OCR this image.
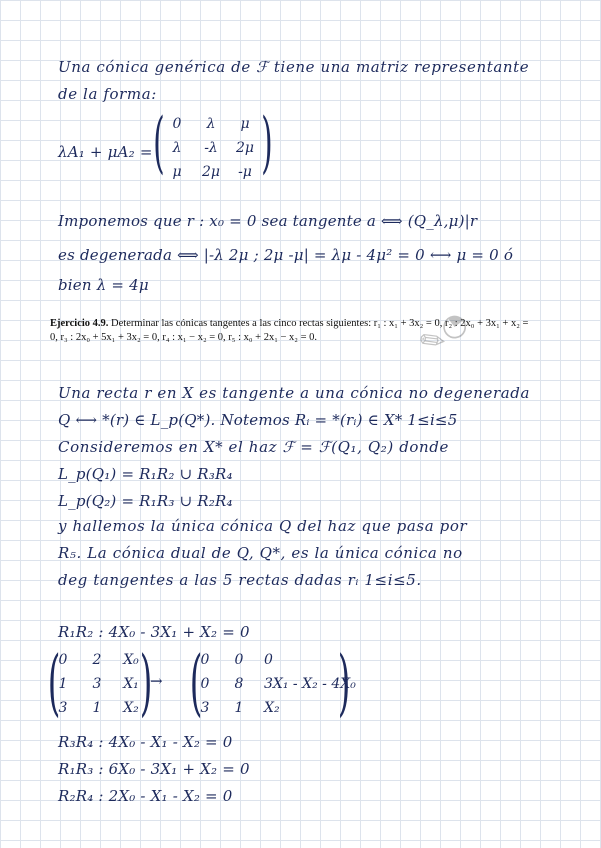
Una cónica genérica de ℱ tiene una matriz representante
de la forma:
λA₁ + μA₂ = ( 0 λ μ
λ -λ 2μ
μ 2μ -μ )
Imponemos que r : x₀ = 0 sea tangente a ⟺ (Q_λ,μ)|r
es degenerada ⟺ |-λ 2μ ; 2μ -μ| = λμ - 4μ² = 0 ⟷ μ = 0 ó
bien λ = 4μ
Ejercicio 4.9. Determinar las cónicas tangentes a las cinco rectas siguientes: r₁ : x₁ + 3x₂ = 0, r₂ : 2x₀ + 3x₁ + x₂ =
0, r₃ : 2x₀ + 5x₁ + 3x₂ = 0, r₄ : x₁ − x₂ = 0, r₅ : x₀ + 2x₁ − x₂ = 0.	✎◔
Una recta r en X es tangente a una cónica no degenerada
Q ⟷ *(r) ∈ L_p(Q*). Notemos Rᵢ = *(rᵢ) ∈ X* 1≤i≤5
Consideremos en X* el haz ℱ = ℱ(Q₁, Q₂) donde
L_p(Q₁) = R₁R₂ ∪ R₃R₄
L_p(Q₂) = R₁R₃ ∪ R₂R₄
y hallemos la única cónica Q del haz que pasa por
R₅. La cónica dual de Q, Q*, es la única cónica no
deg tangentes a las 5 rectas dadas rᵢ 1≤i≤5.
R₁R₂ : 4X₀ - 3X₁ + X₂ = 0
(
0 2 X₀
1 3 X₁
3 1 X₂ )
→ (
0 0 0
0 8 3X₁ - X₂ - 4X₀
3 1 X₂ )
R₃R₄ : 4X₀ - X₁ - X₂ = 0
R₁R₃ : 6X₀ - 3X₁ + X₂ = 0
R₂R₄ : 2X₀ - X₁ - X₂ = 0
